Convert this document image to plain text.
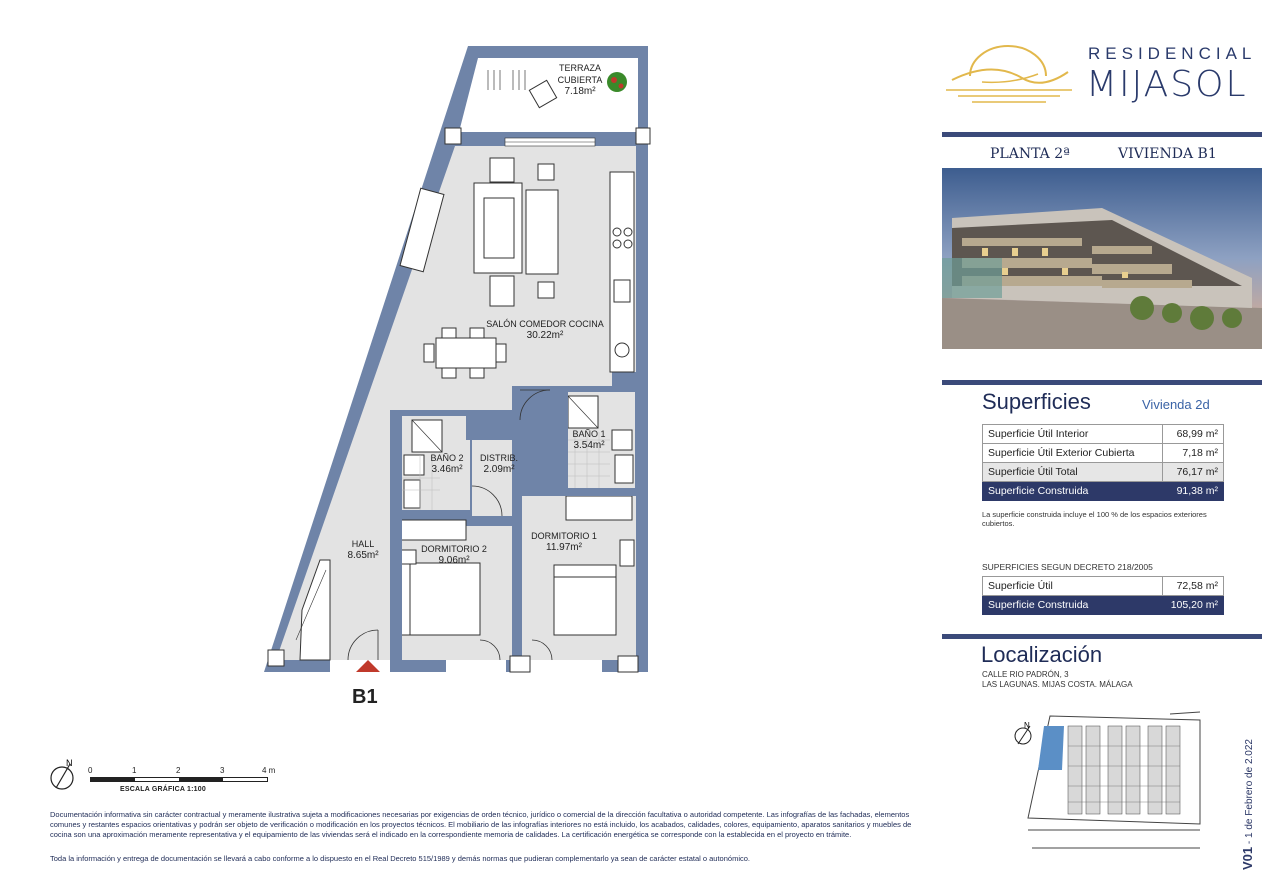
TERRAZA CUBIERTA
7.18m²
SALÓN COMEDOR COCINA
30.22m²
BAÑO 2
3.46m²
DISTRIB.
2.09m²
BAÑO 1
3.54m²
HALL
8.65m²
DORMITORIO 2
9.06m²
DORMITORIO 1
11.97m²
B1
N
0	1	2	3	4 m
ESCALA GRÁFICA 1:100

Documentación informativa sin carácter contractual y meramente ilustrativa sujeta a modificaciones necesarias por exigencias de orden técnico, jurídico o comercial de la dirección facultativa o autoridad competente. Las infografías de las fachadas, elementos comunes y restantes espacios orientativas y podrán ser objeto de verificación o modificación en los proyectos técnicos. El mobiliario de las infografías interiores no está incluido, los acabados, calidades, colores, equipamiento, aparatos sanitarios y muebles de cocina son una aproximación meramente representativa y el equipamiento de las viviendas será el indicado en la correspondiente memoria de calidades. La certificación energética se corresponde con la establecida en el proyecto en trámite.

Toda la información y entrega de documentación se llevará a cabo conforme a lo dispuesto en el Real Decreto 515/1989 y demás normas que pudieran complementarlo ya sean de carácter estatal o autonómico.

RESIDENCIAL
MIJASOL
PLANTA 2ª	VIVIENDA B1
Superficies	Vivienda 2d
Superficie Útil Interior	68,99 m²
Superficie Útil Exterior Cubierta	7,18 m²
Superficie Útil Total	76,17 m²
Superficie Construida	91,38 m²
La superficie construida incluye el 100 % de los espacios exteriores cubiertos.
SUPERFICIES SEGUN DECRETO 218/2005
Superficie Útil	72,58 m²
Superficie Construida	105,20 m²
Localización
CALLE RIO PADRÓN, 3
LAS LAGUNAS. MIJAS COSTA. MÁLAGA
N
V01 - 1 de Febrero de 2.022
